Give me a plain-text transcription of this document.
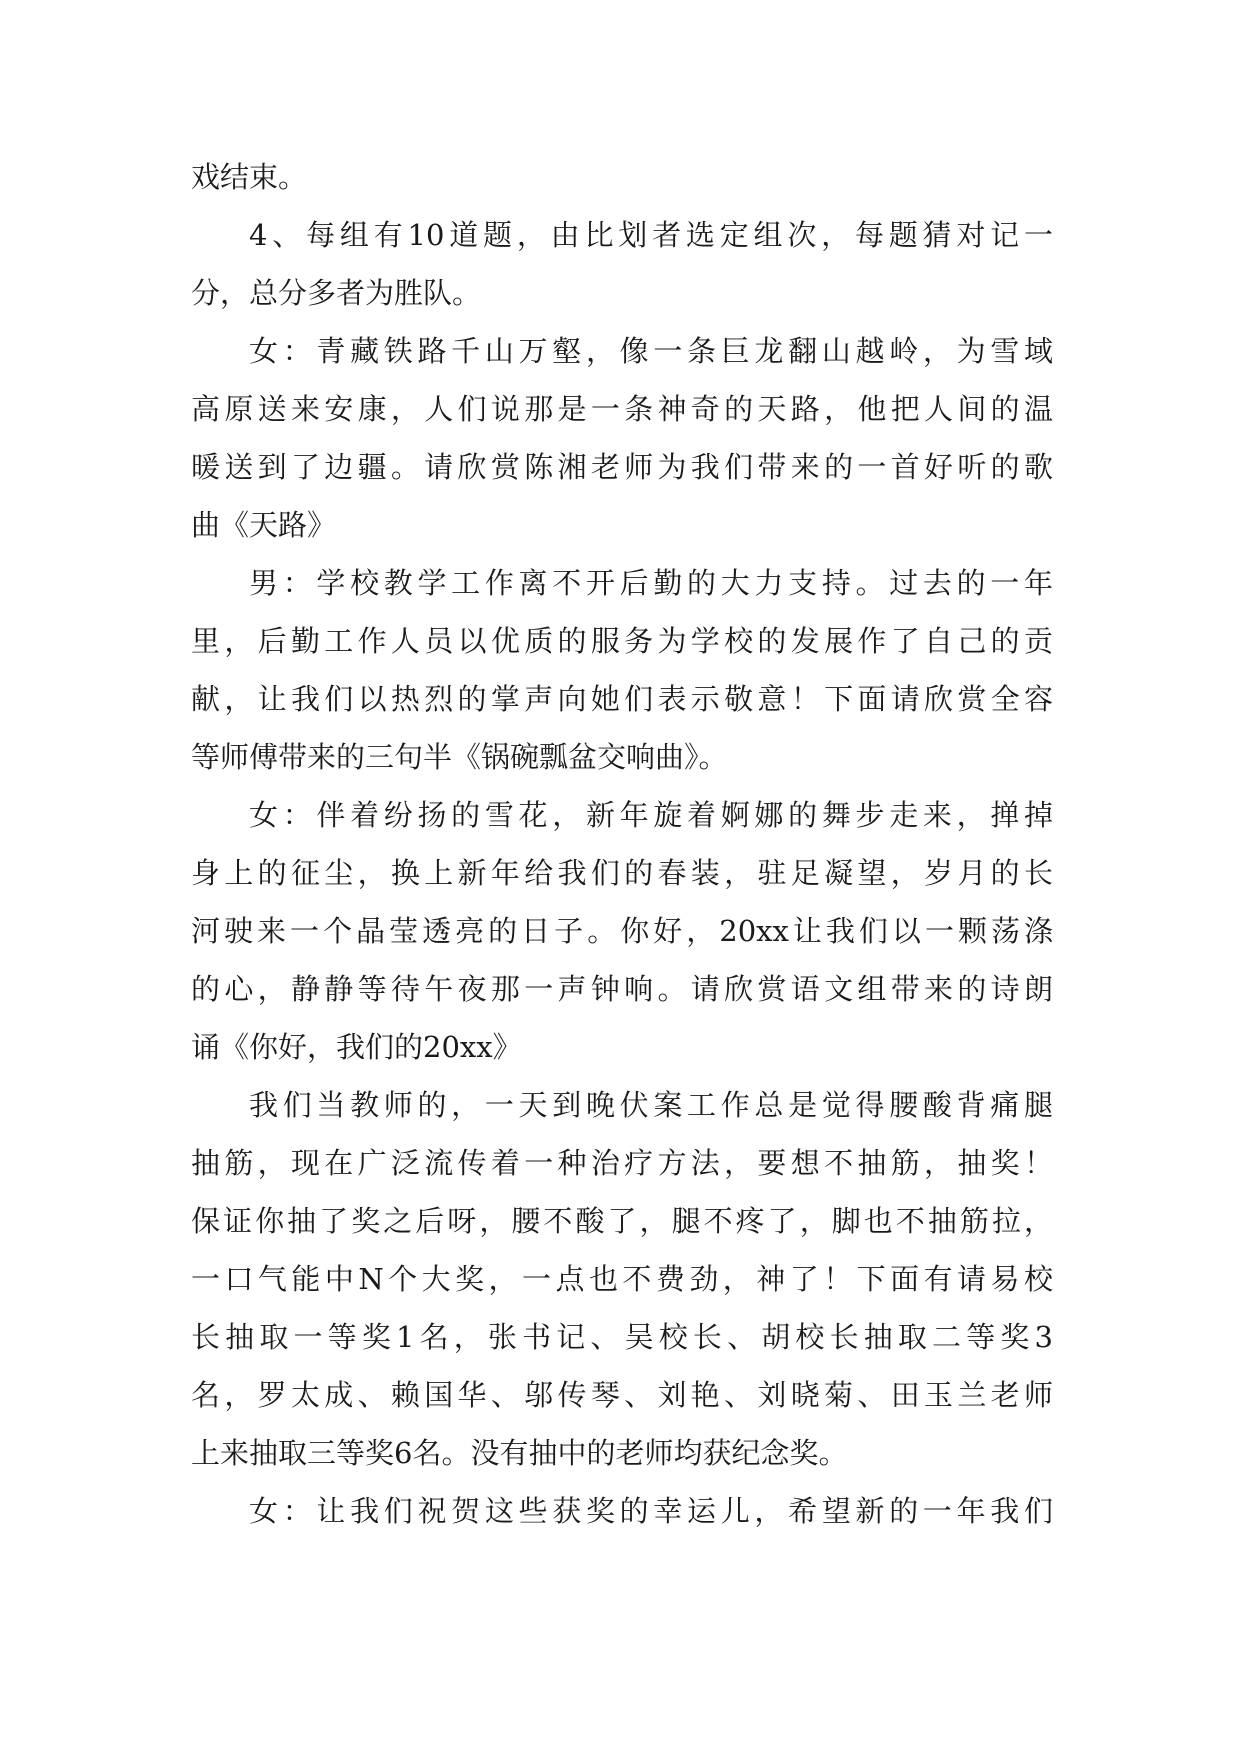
戏结束。
4、每组有10道题，由比划者选定组次，每题猜对记一
分，总分多者为胜队。
女：青藏铁路千山万壑，像一条巨龙翻山越岭，为雪域
高原送来安康，人们说那是一条神奇的天路，他把人间的温
暖送到了边疆。请欣赏陈湘老师为我们带来的一首好听的歌
曲《天路》
男：学校教学工作离不开后勤的大力支持。过去的一年
里，后勤工作人员以优质的服务为学校的发展作了自己的贡
献，让我们以热烈的掌声向她们表示敬意！下面请欣赏全容
等师傅带来的三句半《锅碗瓢盆交响曲》。
女：伴着纷扬的雪花，新年旋着婀娜的舞步走来，掸掉
身上的征尘，换上新年给我们的春装，驻足凝望，岁月的长
河驶来一个晶莹透亮的日子。你好，20xx让我们以一颗荡涤
的心，静静等待午夜那一声钟响。请欣赏语文组带来的诗朗
诵《你好，我们的20xx》
我们当教师的，一天到晚伏案工作总是觉得腰酸背痛腿
抽筋，现在广泛流传着一种治疗方法，要想不抽筋，抽奖！
保证你抽了奖之后呀，腰不酸了，腿不疼了，脚也不抽筋拉，
一口气能中N个大奖，一点也不费劲，神了！下面有请易校
长抽取一等奖1名，张书记、吴校长、胡校长抽取二等奖3
名，罗太成、赖国华、邬传琴、刘艳、刘晓菊、田玉兰老师
上来抽取三等奖6名。没有抽中的老师均获纪念奖。
女：让我们祝贺这些获奖的幸运儿，希望新的一年我们
